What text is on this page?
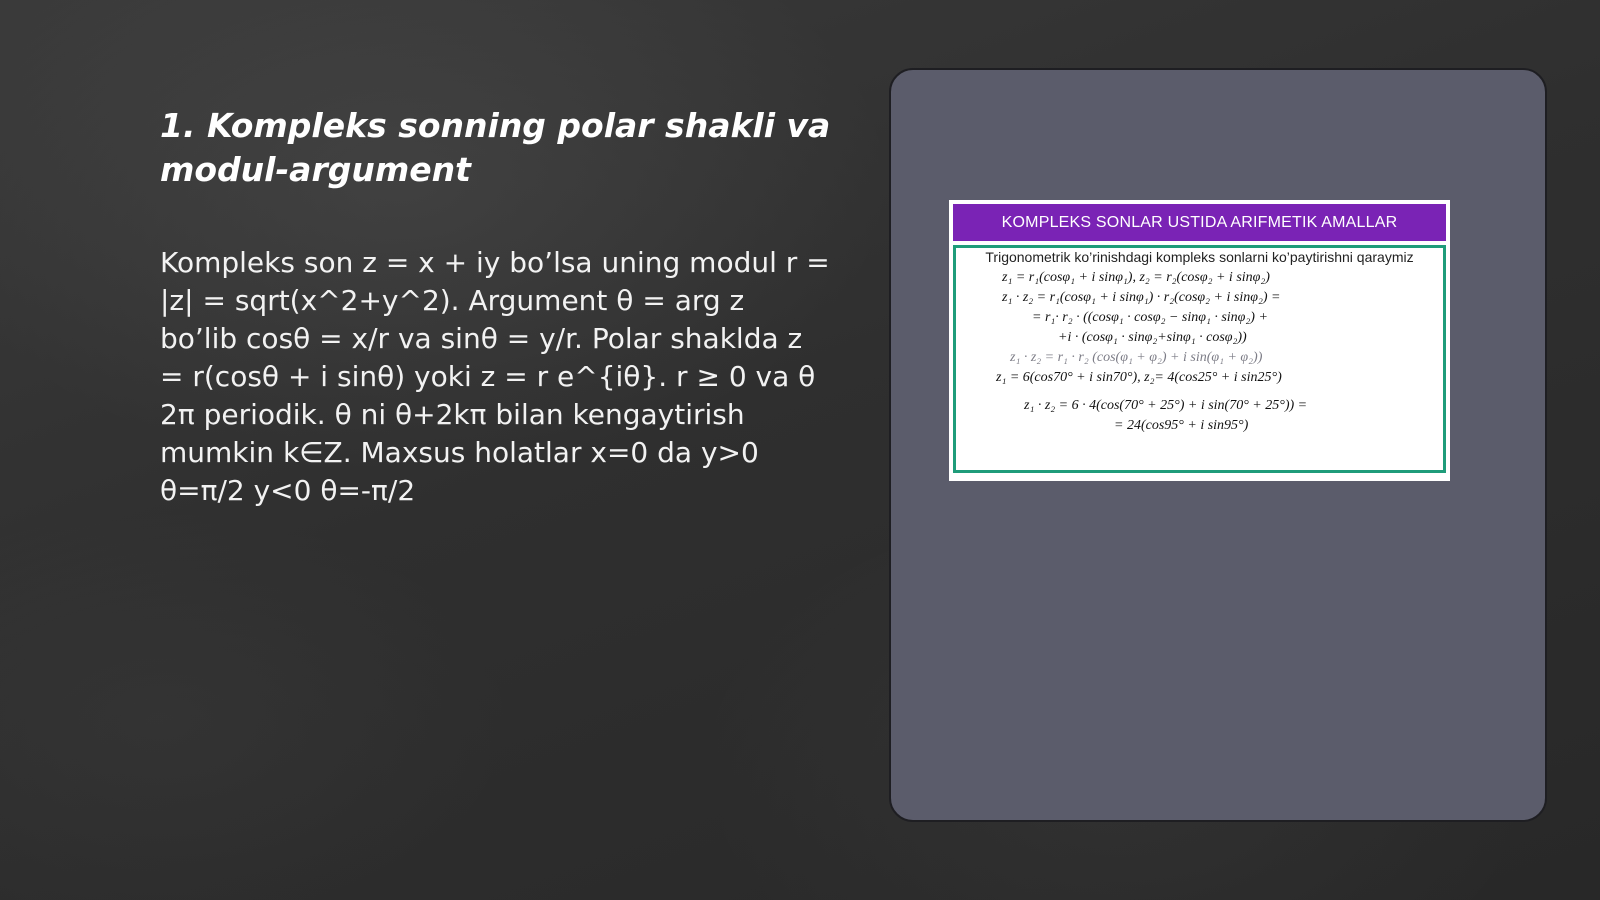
1. Kompleks sonning polar shakli va modul-argument

Kompleks son z = x + iy bo’lsa uning modul r = |z| = sqrt(x^2+y^2). Argument θ = arg z bo’lib cosθ = x/r va sinθ = y/r. Polar shaklda z = r(cosθ + i sinθ) yoki z = r e^{iθ}. r ≥ 0 va θ 2π periodik. θ ni θ+2kπ bilan kengaytirish mumkin k∈Z. Maxsus holatlar x=0 da y>0 θ=π/2 y<0 θ=-π/2

KOMPLEKS SONLAR USTIDA ARIFMETIK AMALLAR
Trigonometrik ko’rinishdagi kompleks sonlarni ko’paytirishni qaraymiz
z₁ = r₁(cosφ₁ + i sinφ₁), z₂ = r₂(cosφ₂ + i sinφ₂)
z₁ · z₂ = r₁(cosφ₁ + i sinφ₁) · r₂(cosφ₂ + i sinφ₂) =
= r₁· r₂ · ((cosφ₁ · cosφ₂ − sinφ₁ · sinφ₂) +
+i · (cosφ₁ · sinφ₂+sinφ₁ · cosφ₂))
z₁ · z₂ = r₁ · r₂ (cos(φ₁ + φ₂) + i sin(φ₁ + φ₂))
z₁ = 6(cos70° + i sin70°), z₂= 4(cos25° + i sin25°)
z₁ · z₂ = 6 · 4(cos(70° + 25°) + i sin(70° + 25°)) =
= 24(cos95° + i sin95°)
